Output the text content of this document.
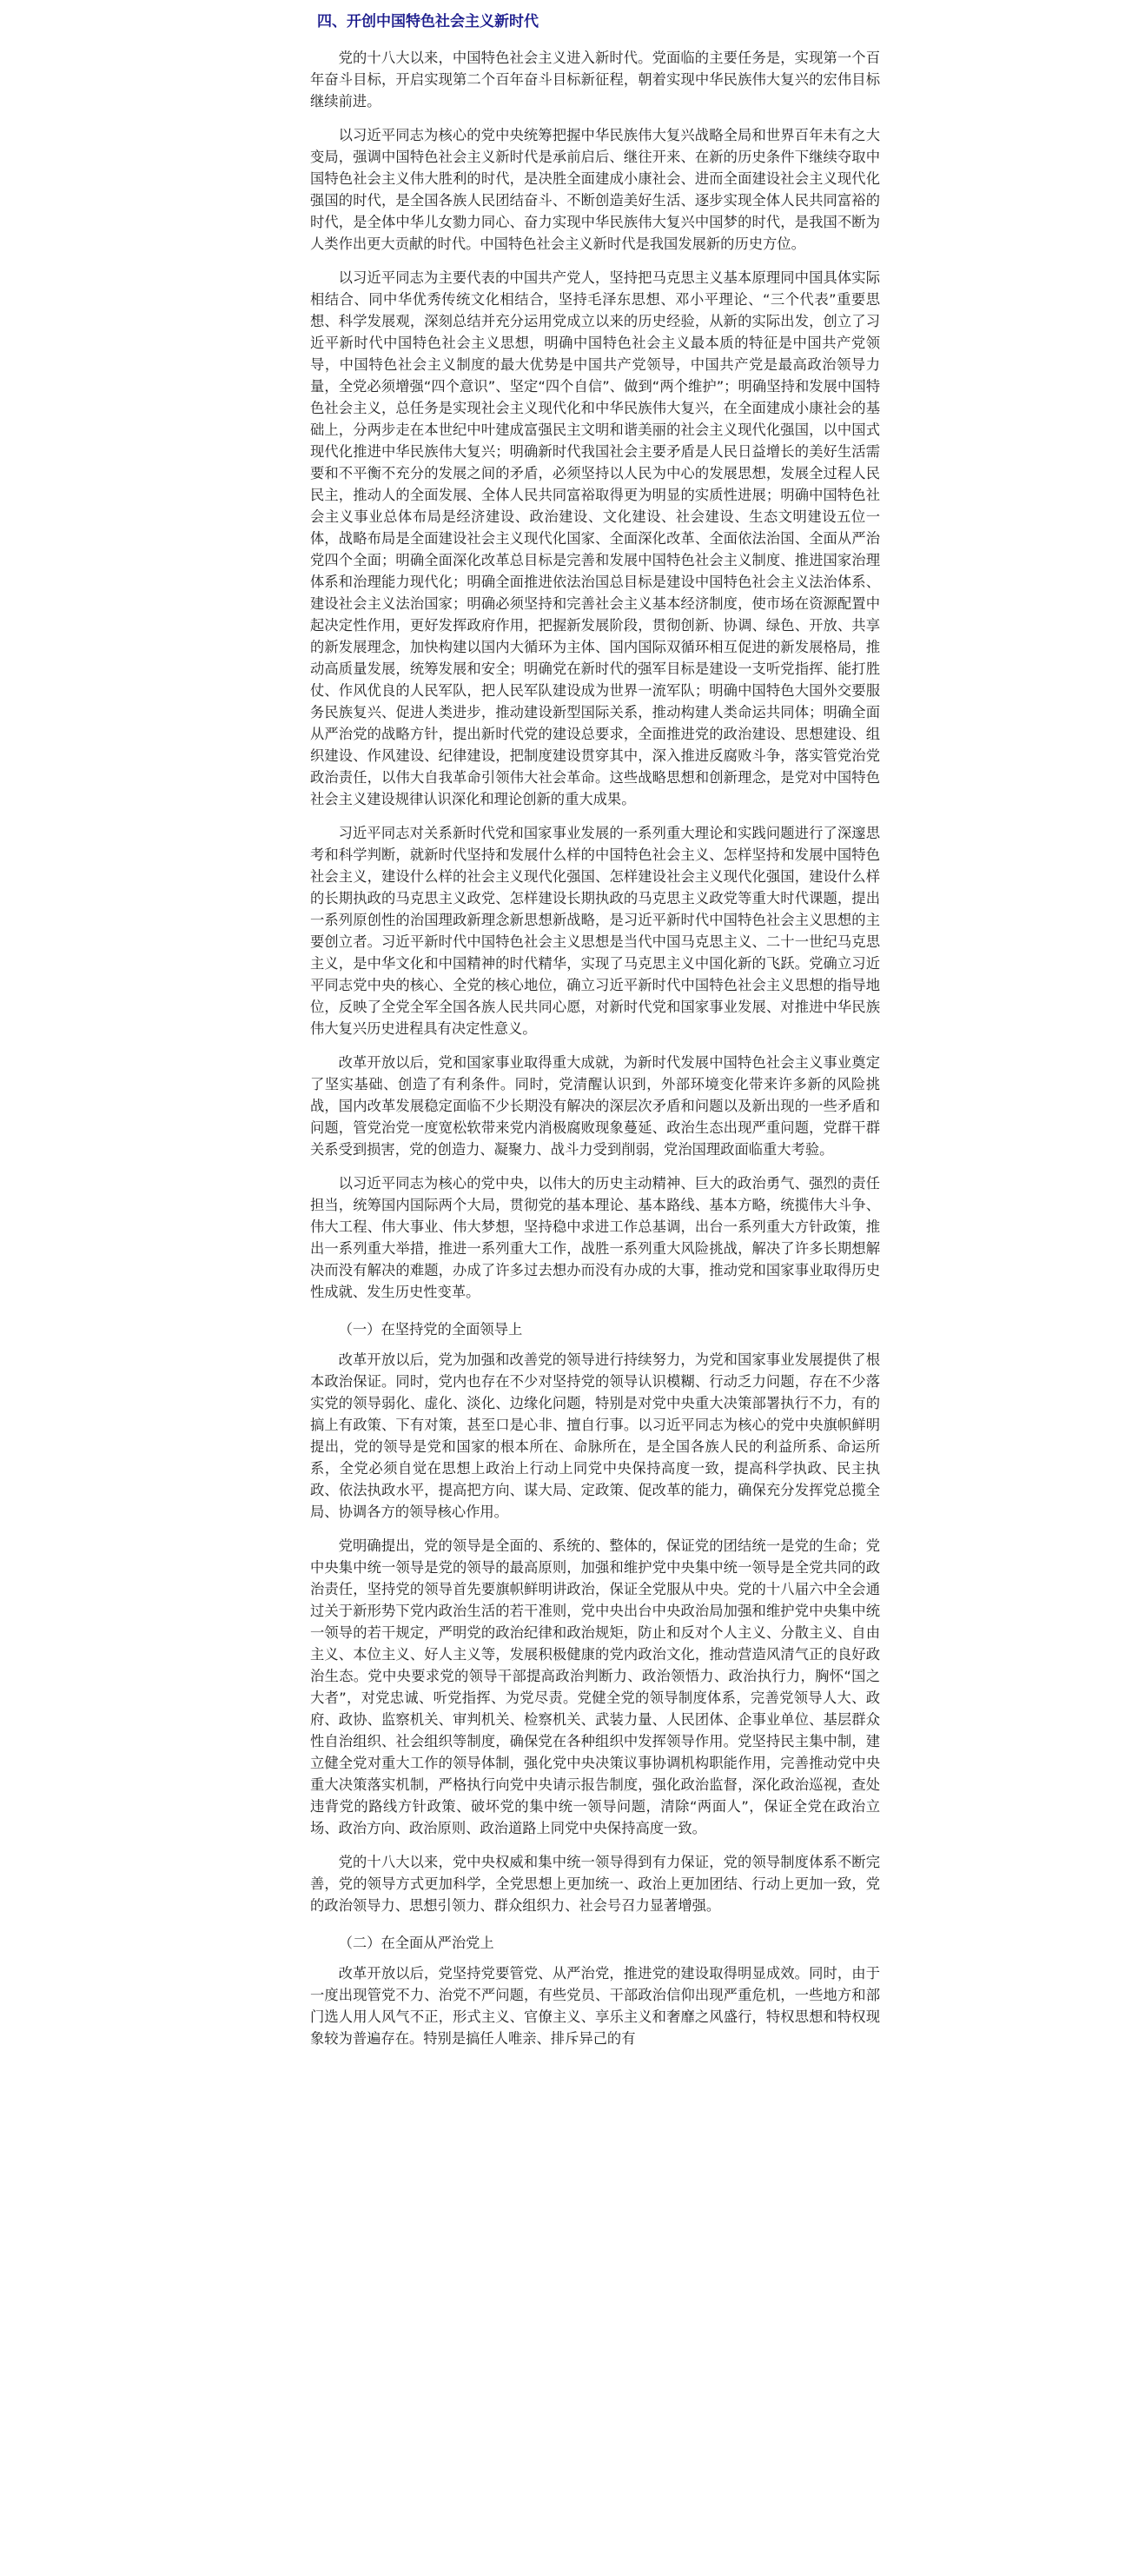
四、开创中国特色社会主义新时代

党的十八大以来，中国特色社会主义进入新时代。党面临的主要任务是，实现第一个百年奋斗目标，开启实现第二个百年奋斗目标新征程，朝着实现中华民族伟大复兴的宏伟目标继续前进。

以习近平同志为核心的党中央统筹把握中华民族伟大复兴战略全局和世界百年未有之大变局，强调中国特色社会主义新时代是承前启后、继往开来、在新的历史条件下继续夺取中国特色社会主义伟大胜利的时代，是决胜全面建成小康社会、进而全面建设社会主义现代化强国的时代，是全国各族人民团结奋斗、不断创造美好生活、逐步实现全体人民共同富裕的时代，是全体中华儿女勠力同心、奋力实现中华民族伟大复兴中国梦的时代，是我国不断为人类作出更大贡献的时代。中国特色社会主义新时代是我国发展新的历史方位。

以习近平同志为主要代表的中国共产党人，坚持把马克思主义基本原理同中国具体实际相结合、同中华优秀传统文化相结合，坚持毛泽东思想、邓小平理论、“三个代表”重要思想、科学发展观，深刻总结并充分运用党成立以来的历史经验，从新的实际出发，创立了习近平新时代中国特色社会主义思想，明确中国特色社会主义最本质的特征是中国共产党领导，中国特色社会主义制度的最大优势是中国共产党领导，中国共产党是最高政治领导力量，全党必须增强“四个意识”、坚定“四个自信”、做到“两个维护”；明确坚持和发展中国特色社会主义，总任务是实现社会主义现代化和中华民族伟大复兴，在全面建成小康社会的基础上，分两步走在本世纪中叶建成富强民主文明和谐美丽的社会主义现代化强国，以中国式现代化推进中华民族伟大复兴；明确新时代我国社会主要矛盾是人民日益增长的美好生活需要和不平衡不充分的发展之间的矛盾，必须坚持以人民为中心的发展思想，发展全过程人民民主，推动人的全面发展、全体人民共同富裕取得更为明显的实质性进展；明确中国特色社会主义事业总体布局是经济建设、政治建设、文化建设、社会建设、生态文明建设五位一体，战略布局是全面建设社会主义现代化国家、全面深化改革、全面依法治国、全面从严治党四个全面；明确全面深化改革总目标是完善和发展中国特色社会主义制度、推进国家治理体系和治理能力现代化；明确全面推进依法治国总目标是建设中国特色社会主义法治体系、建设社会主义法治国家；明确必须坚持和完善社会主义基本经济制度，使市场在资源配置中起决定性作用，更好发挥政府作用，把握新发展阶段，贯彻创新、协调、绿色、开放、共享的新发展理念，加快构建以国内大循环为主体、国内国际双循环相互促进的新发展格局，推动高质量发展，统筹发展和安全；明确党在新时代的强军目标是建设一支听党指挥、能打胜仗、作风优良的人民军队，把人民军队建设成为世界一流军队；明确中国特色大国外交要服务民族复兴、促进人类进步，推动建设新型国际关系，推动构建人类命运共同体；明确全面从严治党的战略方针，提出新时代党的建设总要求，全面推进党的政治建设、思想建设、组织建设、作风建设、纪律建设，把制度建设贯穿其中，深入推进反腐败斗争，落实管党治党政治责任，以伟大自我革命引领伟大社会革命。这些战略思想和创新理念，是党对中国特色社会主义建设规律认识深化和理论创新的重大成果。

习近平同志对关系新时代党和国家事业发展的一系列重大理论和实践问题进行了深邃思考和科学判断，就新时代坚持和发展什么样的中国特色社会主义、怎样坚持和发展中国特色社会主义，建设什么样的社会主义现代化强国、怎样建设社会主义现代化强国，建设什么样的长期执政的马克思主义政党、怎样建设长期执政的马克思主义政党等重大时代课题，提出一系列原创性的治国理政新理念新思想新战略，是习近平新时代中国特色社会主义思想的主要创立者。习近平新时代中国特色社会主义思想是当代中国马克思主义、二十一世纪马克思主义，是中华文化和中国精神的时代精华，实现了马克思主义中国化新的飞跃。党确立习近平同志党中央的核心、全党的核心地位，确立习近平新时代中国特色社会主义思想的指导地位，反映了全党全军全国各族人民共同心愿，对新时代党和国家事业发展、对推进中华民族伟大复兴历史进程具有决定性意义。

改革开放以后，党和国家事业取得重大成就，为新时代发展中国特色社会主义事业奠定了坚实基础、创造了有利条件。同时，党清醒认识到，外部环境变化带来许多新的风险挑战，国内改革发展稳定面临不少长期没有解决的深层次矛盾和问题以及新出现的一些矛盾和问题，管党治党一度宽松软带来党内消极腐败现象蔓延、政治生态出现严重问题，党群干群关系受到损害，党的创造力、凝聚力、战斗力受到削弱，党治国理政面临重大考验。

以习近平同志为核心的党中央，以伟大的历史主动精神、巨大的政治勇气、强烈的责任担当，统筹国内国际两个大局，贯彻党的基本理论、基本路线、基本方略，统揽伟大斗争、伟大工程、伟大事业、伟大梦想，坚持稳中求进工作总基调，出台一系列重大方针政策，推出一系列重大举措，推进一系列重大工作，战胜一系列重大风险挑战，解决了许多长期想解决而没有解决的难题，办成了许多过去想办而没有办成的大事，推动党和国家事业取得历史性成就、发生历史性变革。

（一）在坚持党的全面领导上

改革开放以后，党为加强和改善党的领导进行持续努力，为党和国家事业发展提供了根本政治保证。同时，党内也存在不少对坚持党的领导认识模糊、行动乏力问题，存在不少落实党的领导弱化、虚化、淡化、边缘化问题，特别是对党中央重大决策部署执行不力，有的搞上有政策、下有对策，甚至口是心非、擅自行事。以习近平同志为核心的党中央旗帜鲜明提出，党的领导是党和国家的根本所在、命脉所在，是全国各族人民的利益所系、命运所系，全党必须自觉在思想上政治上行动上同党中央保持高度一致，提高科学执政、民主执政、依法执政水平，提高把方向、谋大局、定政策、促改革的能力，确保充分发挥党总揽全局、协调各方的领导核心作用。

党明确提出，党的领导是全面的、系统的、整体的，保证党的团结统一是党的生命；党中央集中统一领导是党的领导的最高原则，加强和维护党中央集中统一领导是全党共同的政治责任，坚持党的领导首先要旗帜鲜明讲政治，保证全党服从中央。党的十八届六中全会通过关于新形势下党内政治生活的若干准则，党中央出台中央政治局加强和维护党中央集中统一领导的若干规定，严明党的政治纪律和政治规矩，防止和反对个人主义、分散主义、自由主义、本位主义、好人主义等，发展积极健康的党内政治文化，推动营造风清气正的良好政治生态。党中央要求党的领导干部提高政治判断力、政治领悟力、政治执行力，胸怀“国之大者”，对党忠诚、听党指挥、为党尽责。党健全党的领导制度体系，完善党领导人大、政府、政协、监察机关、审判机关、检察机关、武装力量、人民团体、企事业单位、基层群众性自治组织、社会组织等制度，确保党在各种组织中发挥领导作用。党坚持民主集中制，建立健全党对重大工作的领导体制，强化党中央决策议事协调机构职能作用，完善推动党中央重大决策落实机制，严格执行向党中央请示报告制度，强化政治监督，深化政治巡视，查处违背党的路线方针政策、破坏党的集中统一领导问题，清除“两面人”，保证全党在政治立场、政治方向、政治原则、政治道路上同党中央保持高度一致。

党的十八大以来，党中央权威和集中统一领导得到有力保证，党的领导制度体系不断完善，党的领导方式更加科学，全党思想上更加统一、政治上更加团结、行动上更加一致，党的政治领导力、思想引领力、群众组织力、社会号召力显著增强。

（二）在全面从严治党上

改革开放以后，党坚持党要管党、从严治党，推进党的建设取得明显成效。同时，由于一度出现管党不力、治党不严问题，有些党员、干部政治信仰出现严重危机，一些地方和部门选人用人风气不正，形式主义、官僚主义、享乐主义和奢靡之风盛行，特权思想和特权现象较为普遍存在。特别是搞任人唯亲、排斥异己的有
